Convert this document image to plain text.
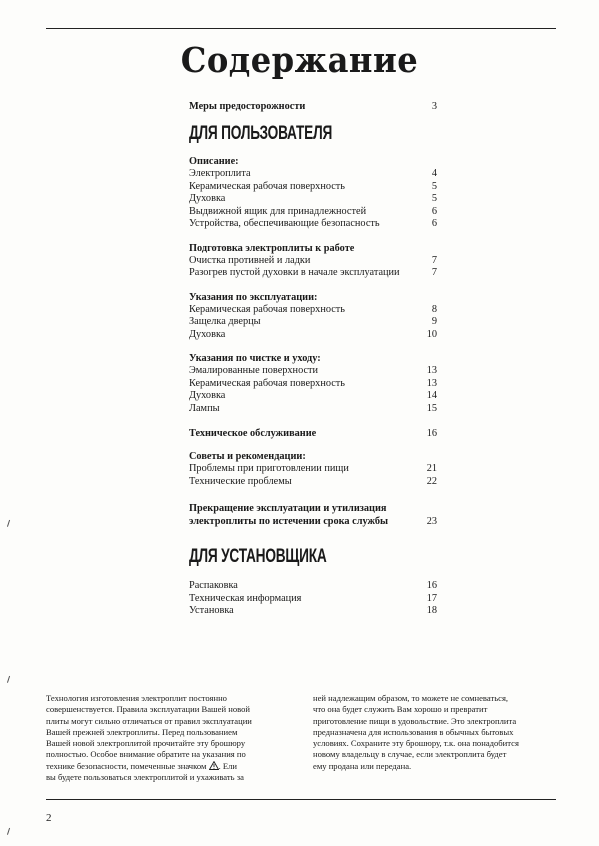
Содержание
Меры предосторожности	3
ДЛЯ ПОЛЬЗОВАТЕЛЯ
Описание:
Электроплита	4
Керамическая рабочая поверхность	5
Духовка	5
Выдвижной ящик для принадлежностей	6
Устройства, обеспечивающие безопасность	6
Подготовка электроплиты к работе
Очистка противней и ладки	7
Разогрев пустой духовки в начале эксплуатации	7
Указания по эксплуатации:
Керамическая рабочая поверхность	8
Защелка дверцы	9
Духовка	10
Указания по чистке и уходу:
Эмалированные поверхности	13
Керамическая рабочая поверхность	13
Духовка	14
Лампы	15
Техническое обслуживание	16
Советы и рекомендации:
Проблемы при приготовлении пищи	21
Технические проблемы	22
Прекращение эксплуатации и утилизация
электроплиты по истечении срока службы	23
ДЛЯ УСТАНОВЩИКА
Распаковка	16
Техническая информация	17
Установка	18
Технология изготовления электроплит постоянно
совершенствуется. Правила эксплуатации Вашей новой
плиты могут сильно отличаться от правил эксплуатации
Вашей прежней электроплиты. Перед пользованием
Вашей новой электроплитой прочитайте эту брошюру
полностью. Особое внимание обратите на указания по
технике безопасности, помеченные значком . Ели
вы будете пользоваться электроплитой и ухаживать за
ней надлежащим образом, то можете не сомневаться,
что она будет служить Вам хорошо и превратит
приготовление пищи в удовольствие. Это электроплита
предназначена для использования в обычных бытовых
условиях. Сохраните эту брошюру, т.к. она понадобится
новому владельцу в случае, если электроплита будет
ему продана или передана.
2
